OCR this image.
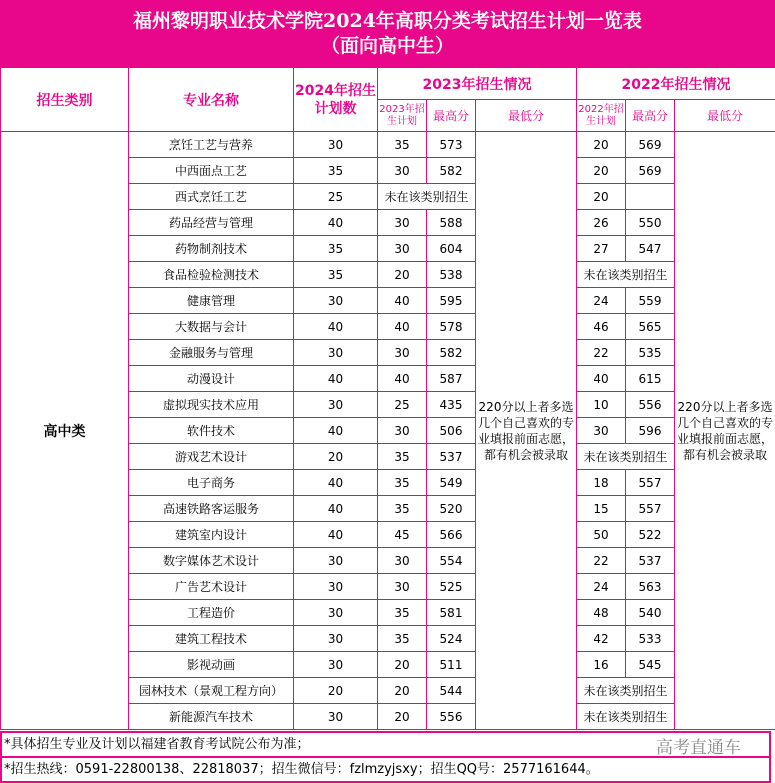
福州黎明职业技术学院2024年高职分类考试招生计划一览表
（面向高中生）
招生类别	专业名称	2024年招生计划数	2023年招生情况			2022年招生情况		
			2023年招生计划	最高分	最低分	2022年招生计划	最高分	最低分
高中类	烹饪工艺与营养	30	35	573	220分以上者多选几个自己喜欢的专业填报前面志愿，都有机会被录取	20	569	220分以上者多选几个自己喜欢的专业填报前面志愿，都有机会被录取
	中西面点工艺	35	30	582		20	569	
	西式烹饪工艺	25	未在该类别招生			20		
	药品经营与管理	40	30	588		26	550	
	药物制剂技术	35	30	604		27	547	
	食品检验检测技术	35	20	538		未在该类别招生		
	健康管理	30	40	595		24	559	
	大数据与会计	40	40	578		46	565	
	金融服务与管理	30	30	582		22	535	
	动漫设计	40	40	587		40	615	
	虚拟现实技术应用	30	25	435		10	556	
	软件技术	40	30	506		30	596	
	游戏艺术设计	20	35	537		未在该类别招生		
	电子商务	40	35	549		18	557	
	高速铁路客运服务	40	35	520		15	557	
	建筑室内设计	40	45	566		50	522	
	数字媒体艺术设计	30	30	554		22	537	
	广告艺术设计	30	30	525		24	563	
	工程造价	30	35	581		48	540	
	建筑工程技术	30	35	524		42	533	
	影视动画	30	20	511		16	545	
	园林技术（景观工程方向）	20	20	544		未在该类别招生		
	新能源汽车技术	30	20	556		未在该类别招生		
*具体招生专业及计划以福建省教育考试院公布为准；	高考直通车
*招生热线：0591-22800138、22818037；招生微信号：fzlmzyjsxy；招生QQ号：2577161644。
